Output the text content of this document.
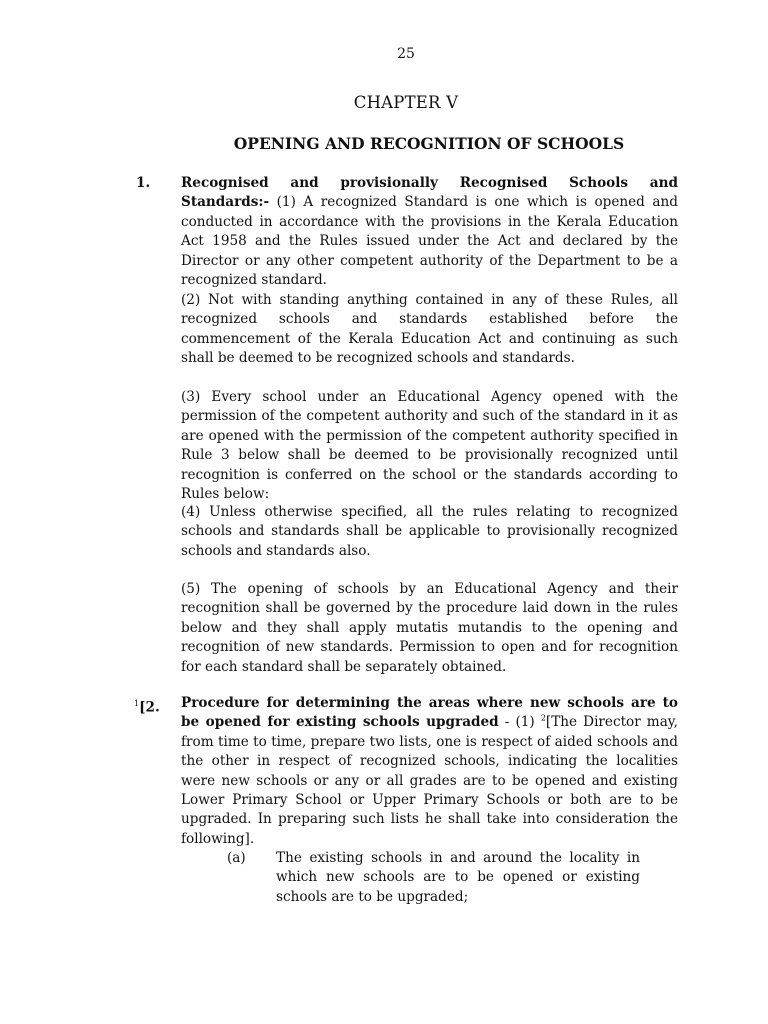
25
CHAPTER V
OPENING AND RECOGNITION OF SCHOOLS
1. Recognised and provisionally Recognised Schools and Standards:- (1) A recognized Standard is one which is opened and conducted in accordance with the provisions in the Kerala Education Act 1958 and the Rules issued under the Act and declared by the Director or any other competent authority of the Department to be a recognized standard.

(2) Not with standing anything contained in any of these Rules, all recognized schools and standards established before the commencement of the Kerala Education Act and continuing as such shall be deemed to be recognized schools and standards.

(3) Every school under an Educational Agency opened with the permission of the competent authority and such of the standard in it as are opened with the permission of the competent authority specified in Rule 3 below shall be deemed to be provisionally recognized until recognition is conferred on the school or the standards according to Rules below:

(4) Unless otherwise specified, all the rules relating to recognized schools and standards shall be applicable to provisionally recognized schools and standards also.

(5) The opening of schools by an Educational Agency and their recognition shall be governed by the procedure laid down in the rules below and they shall apply mutatis mutandis to the opening and recognition of new standards. Permission to open and for recognition for each standard shall be separately obtained.

$^1$[2. Procedure for determining the areas where new schools are to be opened for existing schools upgraded - (1) $^2$[The Director may, from time to time, prepare two lists, one is respect of aided schools and the other in respect of recognized schools, indicating the localities were new schools or any or all grades are to be opened and existing Lower Primary School or Upper Primary Schools or both are to be upgraded. In preparing such lists he shall take into consideration the following].

(a) The existing schools in and around the locality in which new schools are to be opened or existing schools are to be upgraded;
